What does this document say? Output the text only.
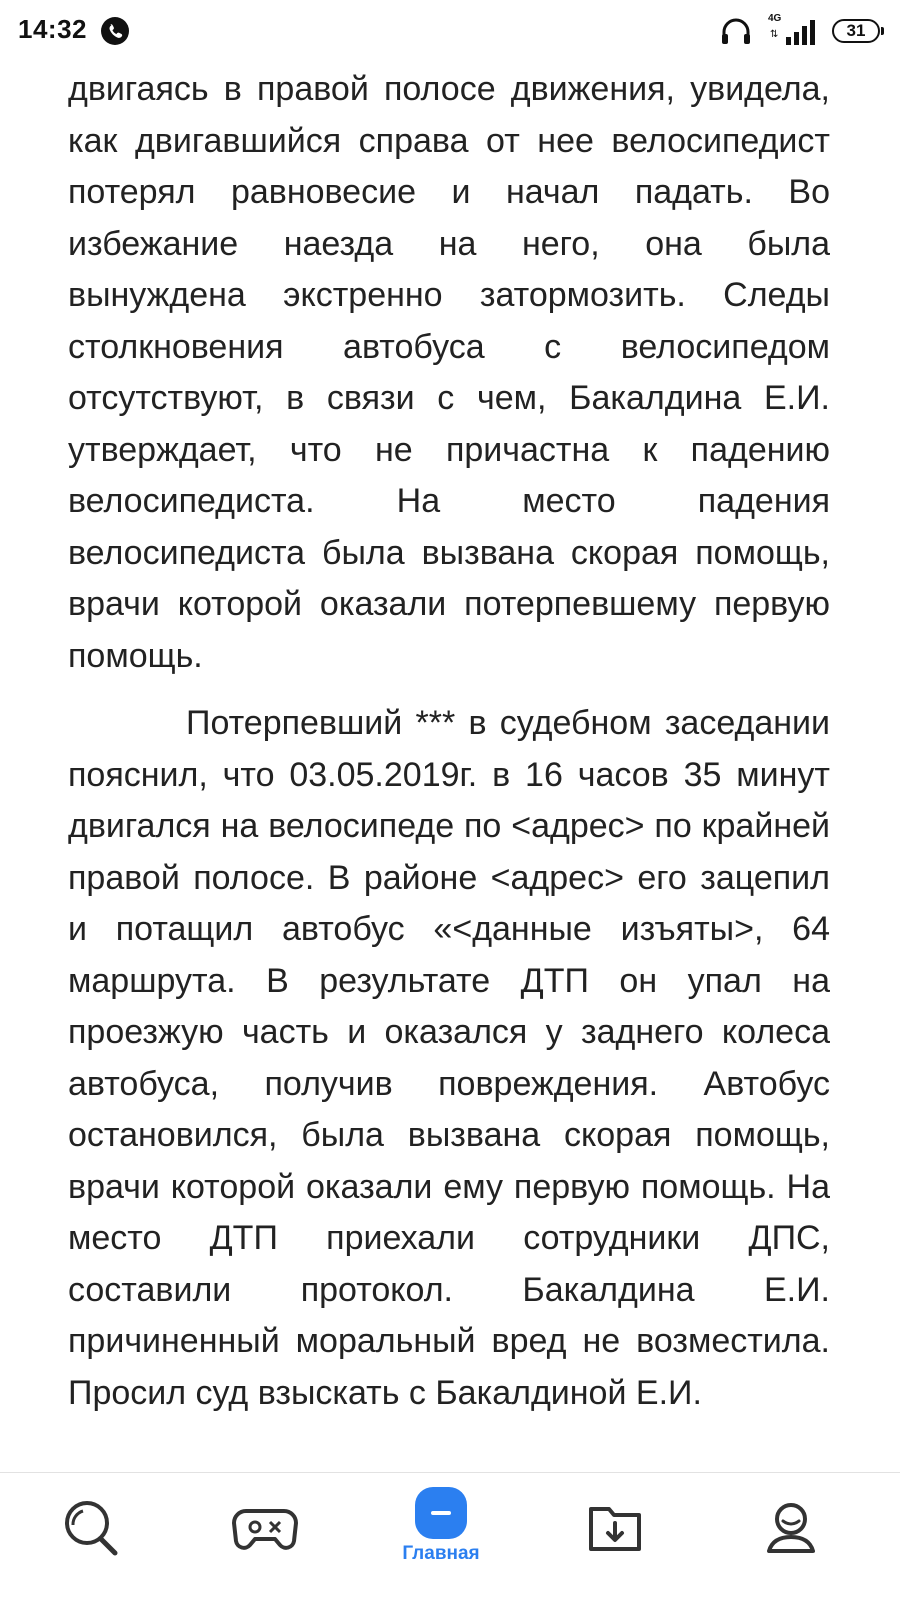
14:32	4G
⇅	31

двигаясь в правой полосе движения, увидела, как двигавшийся справа от нее велосипедист потерял равновесие и начал падать. Во избежание наезда на него, она была вынуждена экстренно затормозить. Следы столкновения автобуса с велосипедом отсутствуют, в связи с чем, Бакалдина Е.И. утверждает, что не причастна к падению велосипедиста. На место падения велосипедиста была вызвана скорая помощь, врачи которой оказали потерпевшему первую помощь.

Потерпевший *** в судебном заседании пояснил, что 03.05.2019г. в 16 часов 35 минут двигался на велосипеде по <адрес> по крайней правой полосе. В районе <адрес> его зацепил и потащил автобус «<данные изъяты>, 64 маршрута. В результате ДТП он упал на проезжую часть и оказался у заднего колеса автобуса, получив повреждения. Автобус остановился, была вызвана скорая помощь, врачи которой оказали ему первую помощь. На место ДТП приехали сотрудники ДПС, составили протокол. Бакалдина Е.И. причиненный моральный вред не возместила. Просил суд взыскать с Бакалдиной Е.И.

Главная
